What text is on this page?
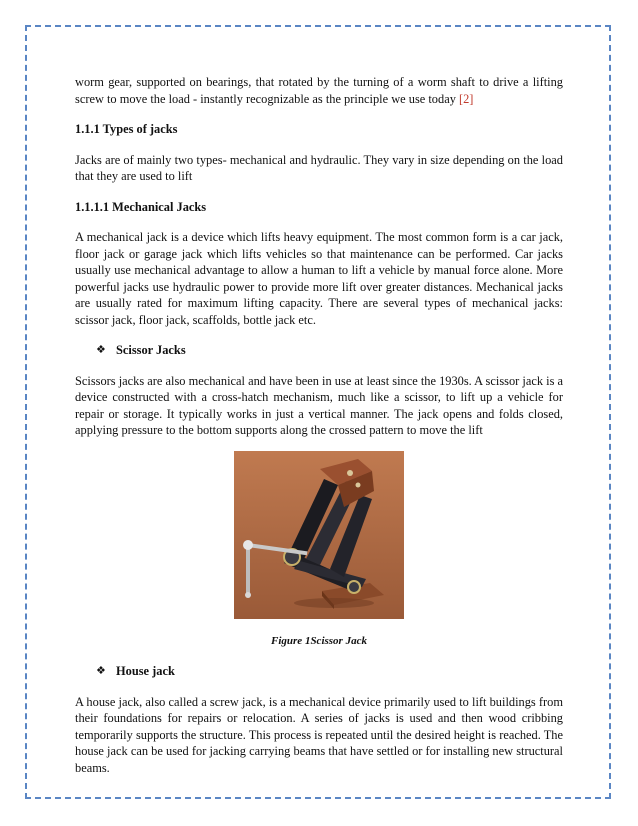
worm gear, supported on bearings, that rotated by the turning of a worm shaft to drive a lifting screw to move the load - instantly recognizable as the principle we use today [2]

1.1.1 Types of jacks

Jacks are of mainly two types- mechanical and hydraulic. They vary in size depending on the load that they are used to lift

1.1.1.1 Mechanical Jacks

A mechanical jack is a device which lifts heavy equipment. The most common form is a car jack, floor jack or garage jack which lifts vehicles so that maintenance can be performed. Car jacks usually use mechanical advantage to allow a human to lift a vehicle by manual force alone. More powerful jacks use hydraulic power to provide more lift over greater distances. Mechanical jacks are usually rated for maximum lifting capacity. There are several types of mechanical jacks: scissor jack, floor jack, scaffolds, bottle jack etc.

❖ Scissor Jacks

Scissors jacks are also mechanical and have been in use at least since the 1930s. A scissor jack is a device constructed with a cross-hatch mechanism, much like a scissor, to lift up a vehicle for repair or storage. It typically works in just a vertical manner. The jack opens and folds closed, applying pressure to the bottom supports along the crossed pattern to move the lift

Figure 1Scissor Jack
❖ House jack

A house jack, also called a screw jack, is a mechanical device primarily used to lift buildings from their foundations for repairs or relocation. A series of jacks is used and then wood cribbing temporarily supports the structure. This process is repeated until the desired height is reached. The house jack can be used for jacking carrying beams that have settled or for installing new structural beams.
